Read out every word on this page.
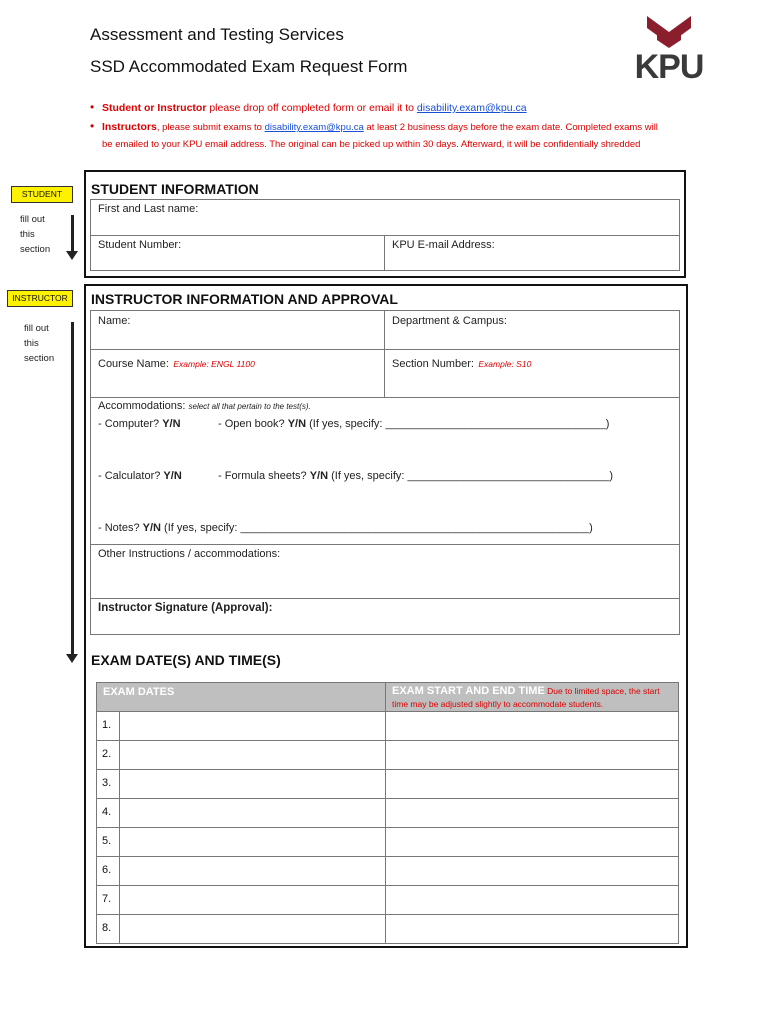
Assessment and Testing Services
SSD Accommodated Exam Request Form	KPU
• Student or Instructor please drop off completed form or email it to disability.exam@kpu.ca
• Instructors, please submit exams to disability.exam@kpu.ca at least 2 business days before the exam date. Completed exams will be emailed to your KPU email address. The original can be picked up within 30 days. Afterward, it will be confidentially shredded
STUDENT
fill out
this
section
INSTRUCTOR
fill out
this
section
STUDENT INFORMATION
First and Last name:
Student Number:	KPU E-mail Address:
INSTRUCTOR INFORMATION AND APPROVAL
Name:	Department & Campus:
Course Name: Example: ENGL 1100	Section Number: Example: S10
Accommodations: select all that pertain to the test(s).
- Computer? Y/N	- Open book? Y/N (If yes, specify: ____________________________________)
- Calculator? Y/N	- Formula sheets? Y/N (If yes, specify: _________________________________)
- Notes? Y/N (If yes, specify: _________________________________________________________)
Other Instructions / accommodations:
Instructor Signature (Approval):
EXAM DATE(S) AND TIME(S)
EXAM DATES	EXAM START AND END TIME Due to limited space, the start time may be adjusted slightly to accommodate students.
1.
2.
3.
4.
5.
6.
7.
8.
